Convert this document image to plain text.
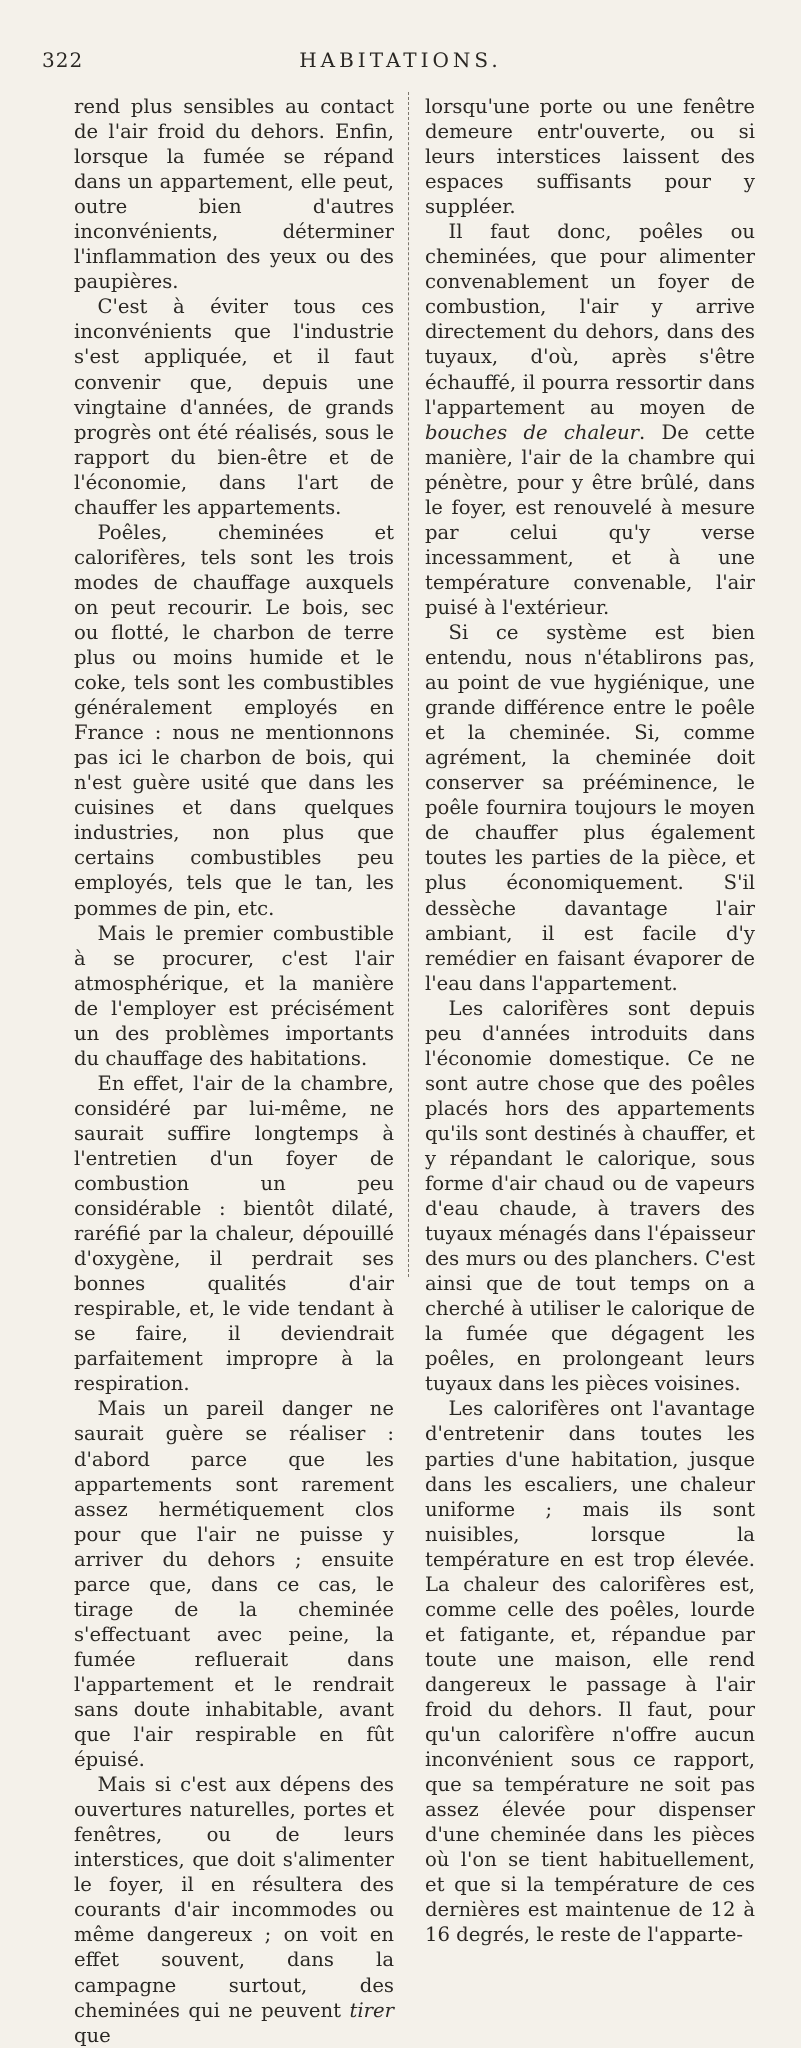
322	HABITATIONS.

rend plus sensibles au contact de l'air froid du dehors. Enfin, lorsque la fumée se répand dans un appartement, elle peut, outre bien d'autres inconvénients, déterminer l'inflammation des yeux ou des paupières.

C'est à éviter tous ces inconvénients que l'industrie s'est appliquée, et il faut convenir que, depuis une vingtaine d'années, de grands progrès ont été réalisés, sous le rapport du bien-être et de l'économie, dans l'art de chauffer les appartements.

Poêles, cheminées et calorifères, tels sont les trois modes de chauffage auxquels on peut recourir. Le bois, sec ou flotté, le charbon de terre plus ou moins humide et le coke, tels sont les combustibles généralement employés en France : nous ne mentionnons pas ici le charbon de bois, qui n'est guère usité que dans les cuisines et dans quelques industries, non plus que certains combustibles peu employés, tels que le tan, les pommes de pin, etc.

Mais le premier combustible à se procurer, c'est l'air atmosphérique, et la manière de l'employer est précisément un des problèmes importants du chauffage des habitations.

En effet, l'air de la chambre, considéré par lui-même, ne saurait suffire longtemps à l'entretien d'un foyer de combustion un peu considérable : bientôt dilaté, raréfié par la chaleur, dépouillé d'oxygène, il perdrait ses bonnes qualités d'air respirable, et, le vide tendant à se faire, il deviendrait parfaitement impropre à la respiration.

Mais un pareil danger ne saurait guère se réaliser : d'abord parce que les appartements sont rarement assez hermétiquement clos pour que l'air ne puisse y arriver du dehors ; ensuite parce que, dans ce cas, le tirage de la cheminée s'effectuant avec peine, la fumée refluerait dans l'appartement et le rendrait sans doute inhabitable, avant que l'air respirable en fût épuisé.

Mais si c'est aux dépens des ouvertures naturelles, portes et fenêtres, ou de leurs interstices, que doit s'alimenter le foyer, il en résultera des courants d'air incommodes ou même dangereux ; on voit en effet souvent, dans la campagne surtout, des cheminées qui ne peuvent tirer que

lorsqu'une porte ou une fenêtre demeure entr'ouverte, ou si leurs interstices laissent des espaces suffisants pour y suppléer.

Il faut donc, poêles ou cheminées, que pour alimenter convenablement un foyer de combustion, l'air y arrive directement du dehors, dans des tuyaux, d'où, après s'être échauffé, il pourra ressortir dans l'appartement au moyen de bouches de chaleur. De cette manière, l'air de la chambre qui pénètre, pour y être brûlé, dans le foyer, est renouvelé à mesure par celui qu'y verse incessamment, et à une température convenable, l'air puisé à l'extérieur.

Si ce système est bien entendu, nous n'établirons pas, au point de vue hygiénique, une grande différence entre le poêle et la cheminée. Si, comme agrément, la cheminée doit conserver sa prééminence, le poêle fournira toujours le moyen de chauffer plus également toutes les parties de la pièce, et plus économiquement. S'il dessèche davantage l'air ambiant, il est facile d'y remédier en faisant évaporer de l'eau dans l'appartement.

Les calorifères sont depuis peu d'années introduits dans l'économie domestique. Ce ne sont autre chose que des poêles placés hors des appartements qu'ils sont destinés à chauffer, et y répandant le calorique, sous forme d'air chaud ou de vapeurs d'eau chaude, à travers des tuyaux ménagés dans l'épaisseur des murs ou des planchers. C'est ainsi que de tout temps on a cherché à utiliser le calorique de la fumée que dégagent les poêles, en prolongeant leurs tuyaux dans les pièces voisines.

Les calorifères ont l'avantage d'entretenir dans toutes les parties d'une habitation, jusque dans les escaliers, une chaleur uniforme ; mais ils sont nuisibles, lorsque la température en est trop élevée. La chaleur des calorifères est, comme celle des poêles, lourde et fatigante, et, répandue par toute une maison, elle rend dangereux le passage à l'air froid du dehors. Il faut, pour qu'un calorifère n'offre aucun inconvénient sous ce rapport, que sa température ne soit pas assez élevée pour dispenser d'une cheminée dans les pièces où l'on se tient habituellement, et que si la température de ces dernières est maintenue de 12 à 16 degrés, le reste de l'apparte-
